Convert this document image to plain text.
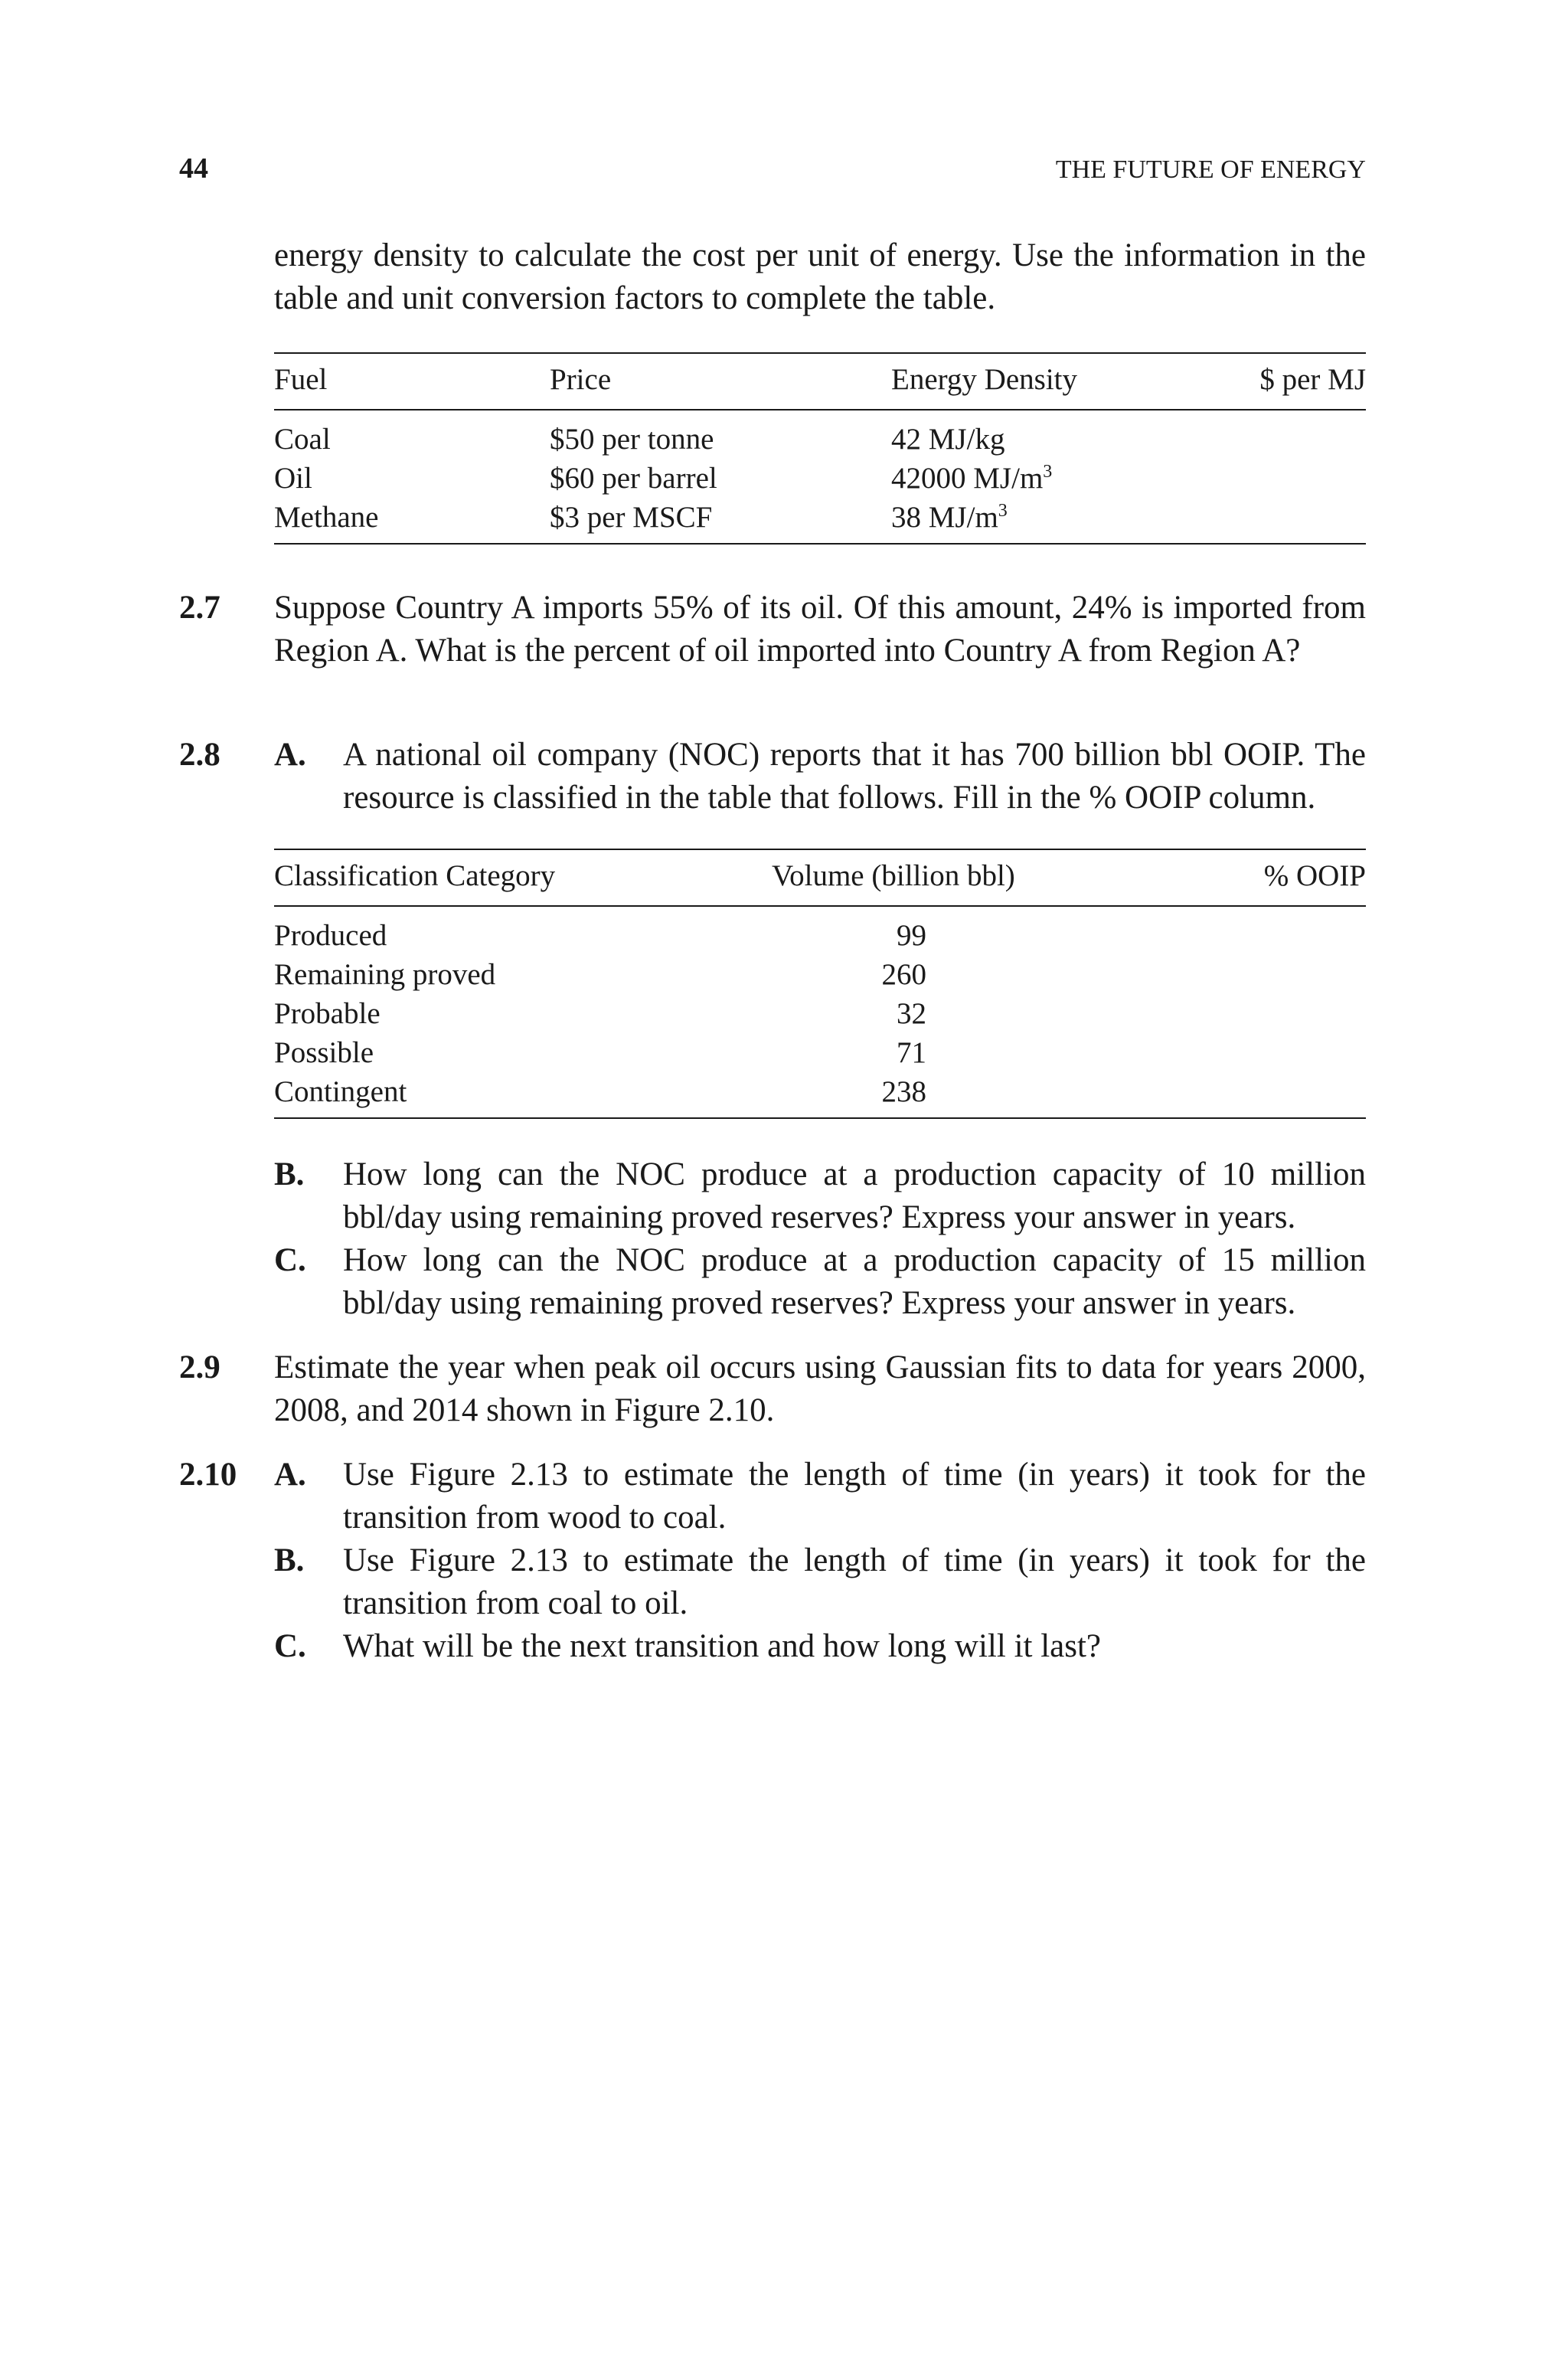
44	THE FUTURE OF ENERGY

energy density to calculate the cost per unit of energy. Use the information in the table and unit conversion factors to complete the table.

Fuel	Price	Energy Density	$ per MJ
Coal	$50 per tonne	42 MJ/kg	
Oil	$60 per barrel	42000 $MJ/m^3$	
Methane	$3 per MSCF	38 $MJ/m^3$	
2.7 Suppose Country A imports 55% of its oil. Of this amount, 24% is imported from Region A. What is the percent of oil imported into Country A from Region A?

2.8 A. A national oil company (NOC) reports that it has 700 billion bbl OOIP. The resource is classified in the table that follows. Fill in the % OOIP column.
Classification Category	Volume (billion bbl)	% OOIP
Produced	99	
Remaining proved	260	
Probable	32	
Possible	71	
Contingent	238	
B. How long can the NOC produce at a production capacity of 10 million bbl/day using remaining proved reserves? Express your answer in years.
C. How long can the NOC produce at a production capacity of 15 million bbl/day using remaining proved reserves? Express your answer in years.
2.9 Estimate the year when peak oil occurs using Gaussian fits to data for years 2000, 2008, and 2014 shown in Figure 2.10.

2.10 A. Use Figure 2.13 to estimate the length of time (in years) it took for the transition from wood to coal.
B. Use Figure 2.13 to estimate the length of time (in years) it took for the transition from coal to oil.
C. What will be the next transition and how long will it last?
